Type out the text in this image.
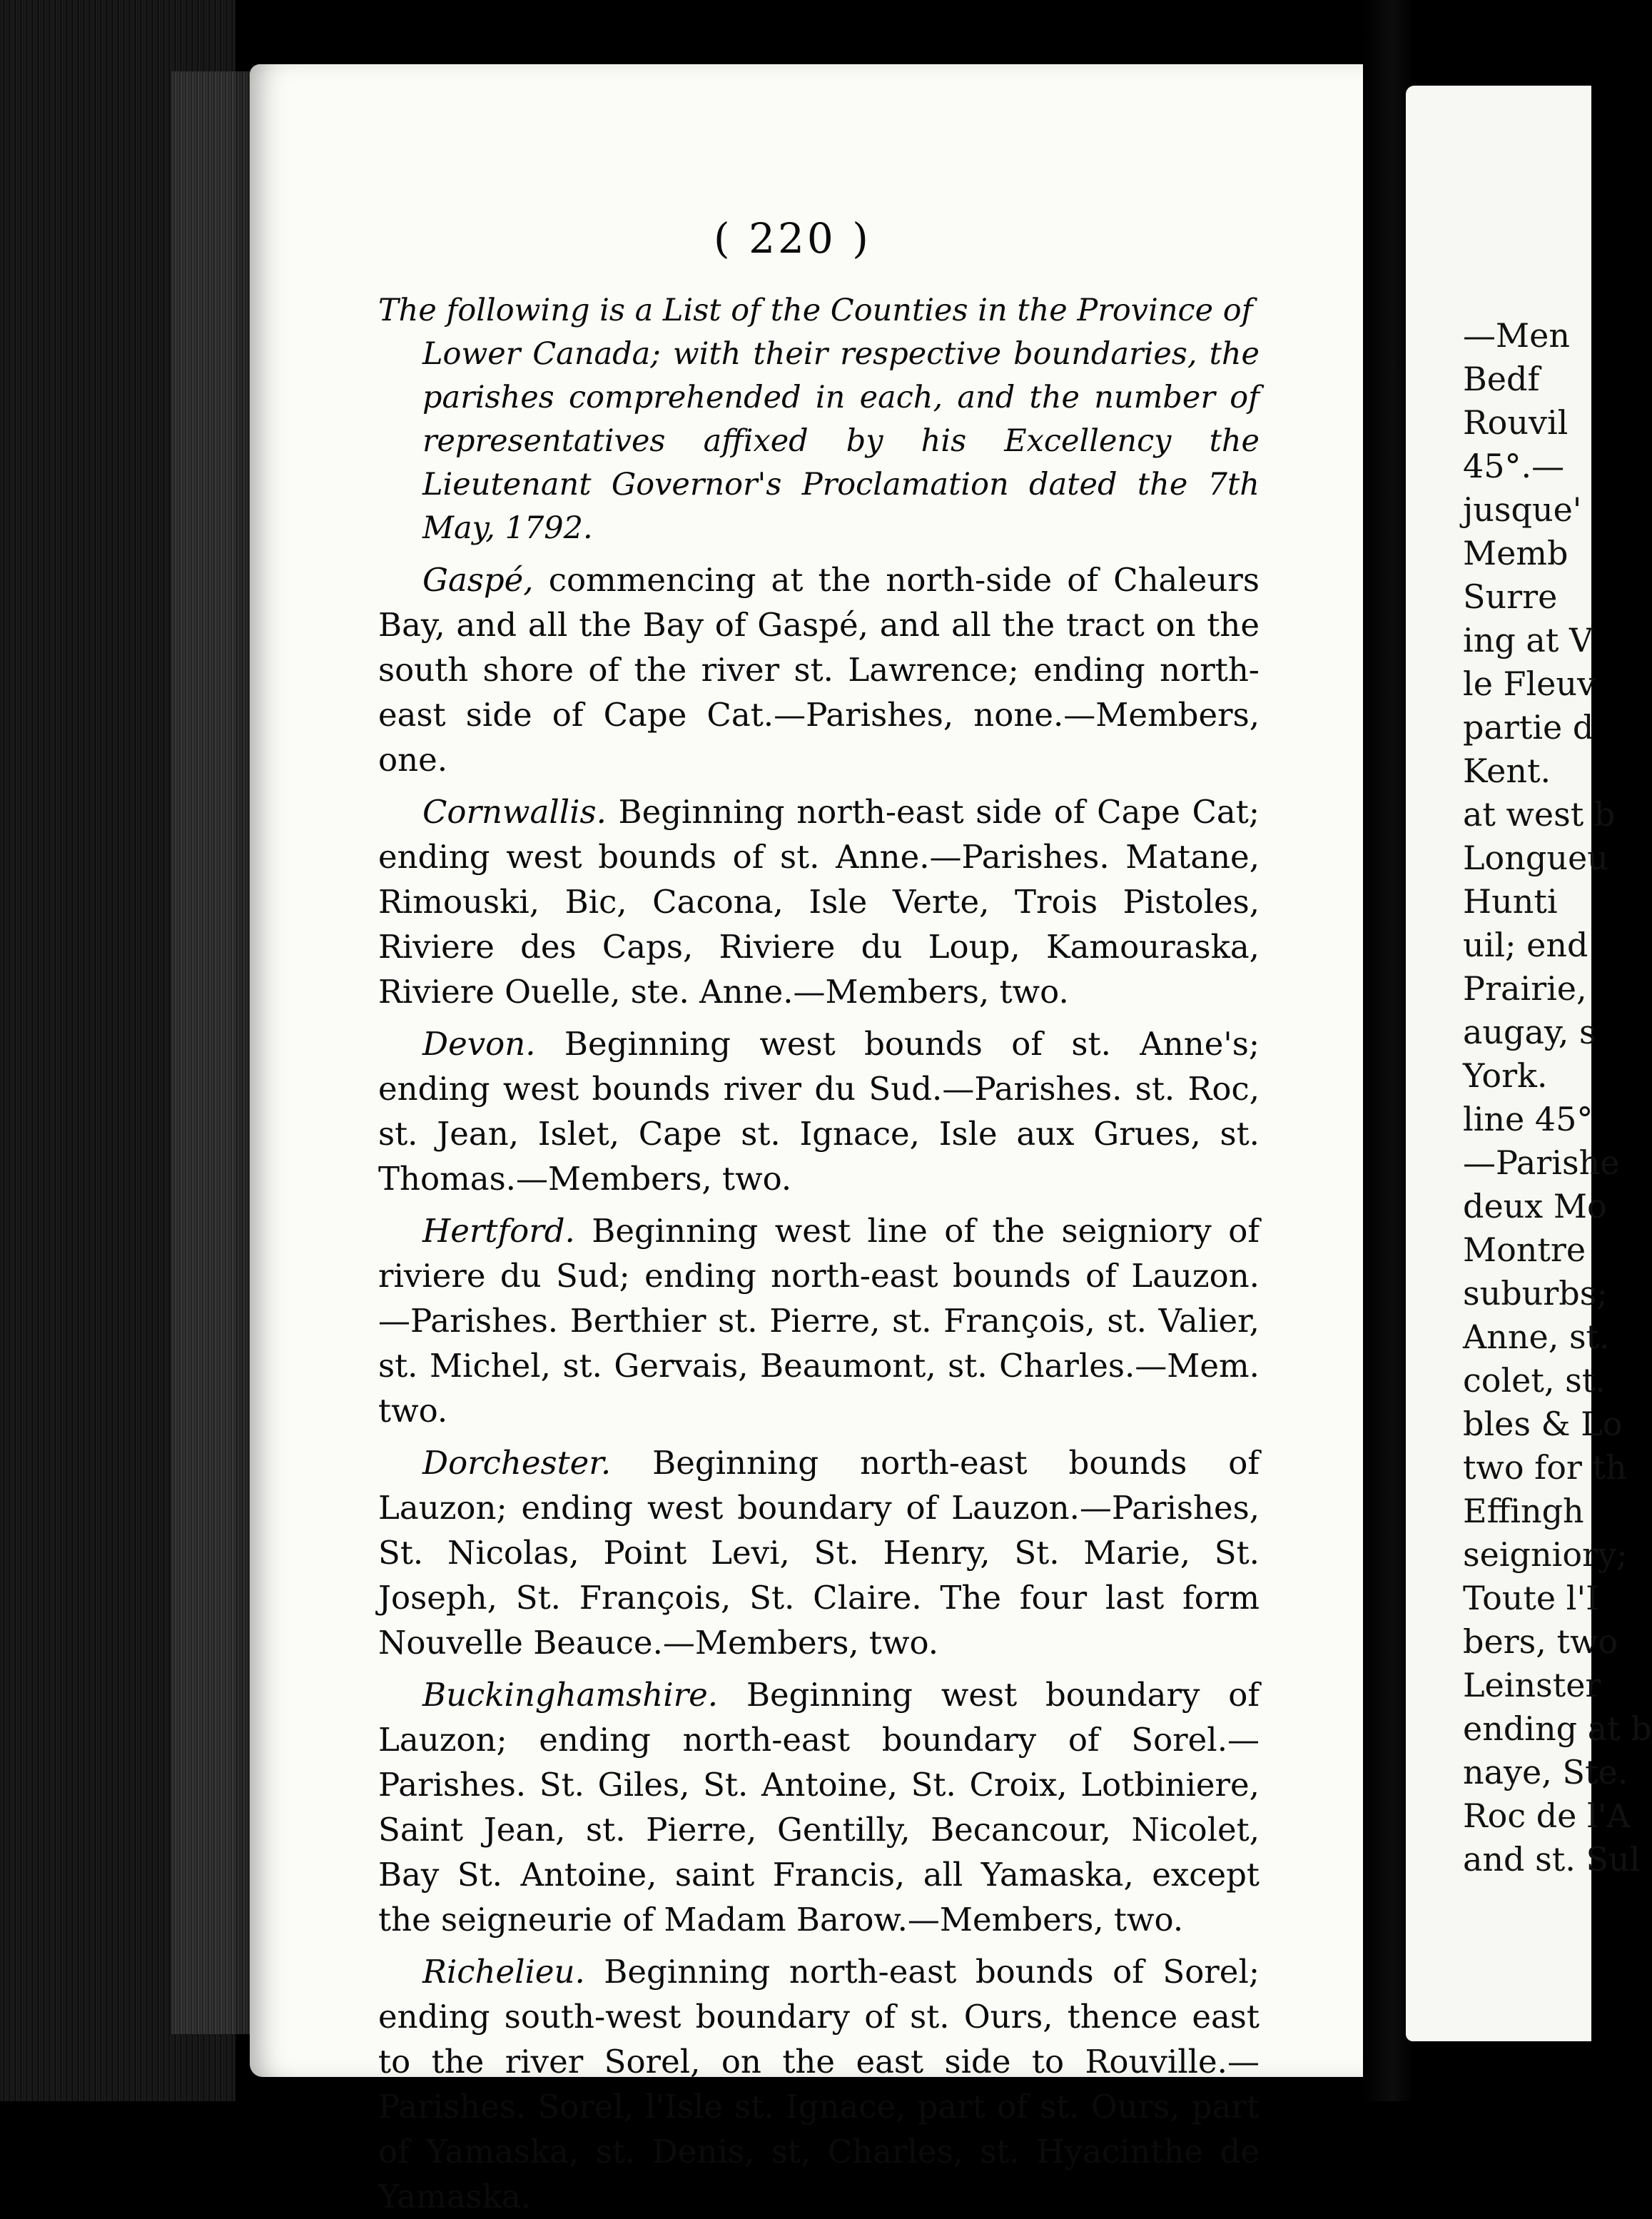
( 220 )
The following is a List of the Counties in the Province of
Lower Canada; with their respective boundaries, the parishes comprehended in each, and the number of representatives affixed by his Excellency the Lieutenant Governor's Proclamation dated the 7th May, 1792.
Gaspé, commencing at the north-side of Chaleurs Bay, and all the Bay of Gaspé, and all the tract on the south shore of the river st. Lawrence; ending north-east side of Cape Cat.—Parishes, none.—Members, one.
Cornwallis. Beginning north-east side of Cape Cat; ending west bounds of st. Anne.—Parishes. Matane, Rimouski, Bic, Cacona, Isle Verte, Trois Pistoles, Riviere des Caps, Riviere du Loup, Kamouraska, Riviere Ouelle, ste. Anne.—Members, two.
Devon. Beginning west bounds of st. Anne's; ending west bounds river du Sud.—Parishes. st. Roc, st. Jean, Islet, Cape st. Ignace, Isle aux Grues, st. Thomas.—Members, two.
Hertford. Beginning west line of the seigniory of riviere du Sud; ending north-east bounds of Lauzon.—Parishes. Berthier st. Pierre, st. François, st. Valier, st. Michel, st. Gervais, Beaumont, st. Charles.—Mem. two.
Dorchester. Beginning north-east bounds of Lauzon; ending west boundary of Lauzon.—Parishes, St. Nicolas, Point Levi, St. Henry, St. Marie, St. Joseph, St. François, St. Claire. The four last form Nouvelle Beauce.—Members, two.
Buckinghamshire. Beginning west boundary of Lauzon; ending north-east boundary of Sorel.—Parishes. St. Giles, St. Antoine, St. Croix, Lotbiniere, Saint Jean, st. Pierre, Gentilly, Becancour, Nicolet, Bay St. Antoine, saint Francis, all Yamaska, except the seigneurie of Madam Barow.—Members, two.
Richelieu. Beginning north-east bounds of Sorel; ending south-west boundary of st. Ours, thence east to the river Sorel, on the east side to Rouville.—Parishes. Sorel, l'Isle st. Ignace, part of st. Ours, part of Yamaska, st. Denis, st, Charles, st. Hyacinthe de Yamaska.
—Men
Bedf
Rouvil
45°.—
jusque'
Memb
Surre
ing at V
le Fleuv
partie d
Kent.
at west b
Longueu
Hunti
uil; end
Prairie,
augay, s
York.
line 45°
—Parishe
deux Mo
Montre
suburbs;
Anne, st.
colet, st.
bles & Lo
two for th
Effingh
seigniory;
Toute l'I
bers, two
Leinster
ending at b
naye, Ste.
Roc de l'A
and st. Sul
